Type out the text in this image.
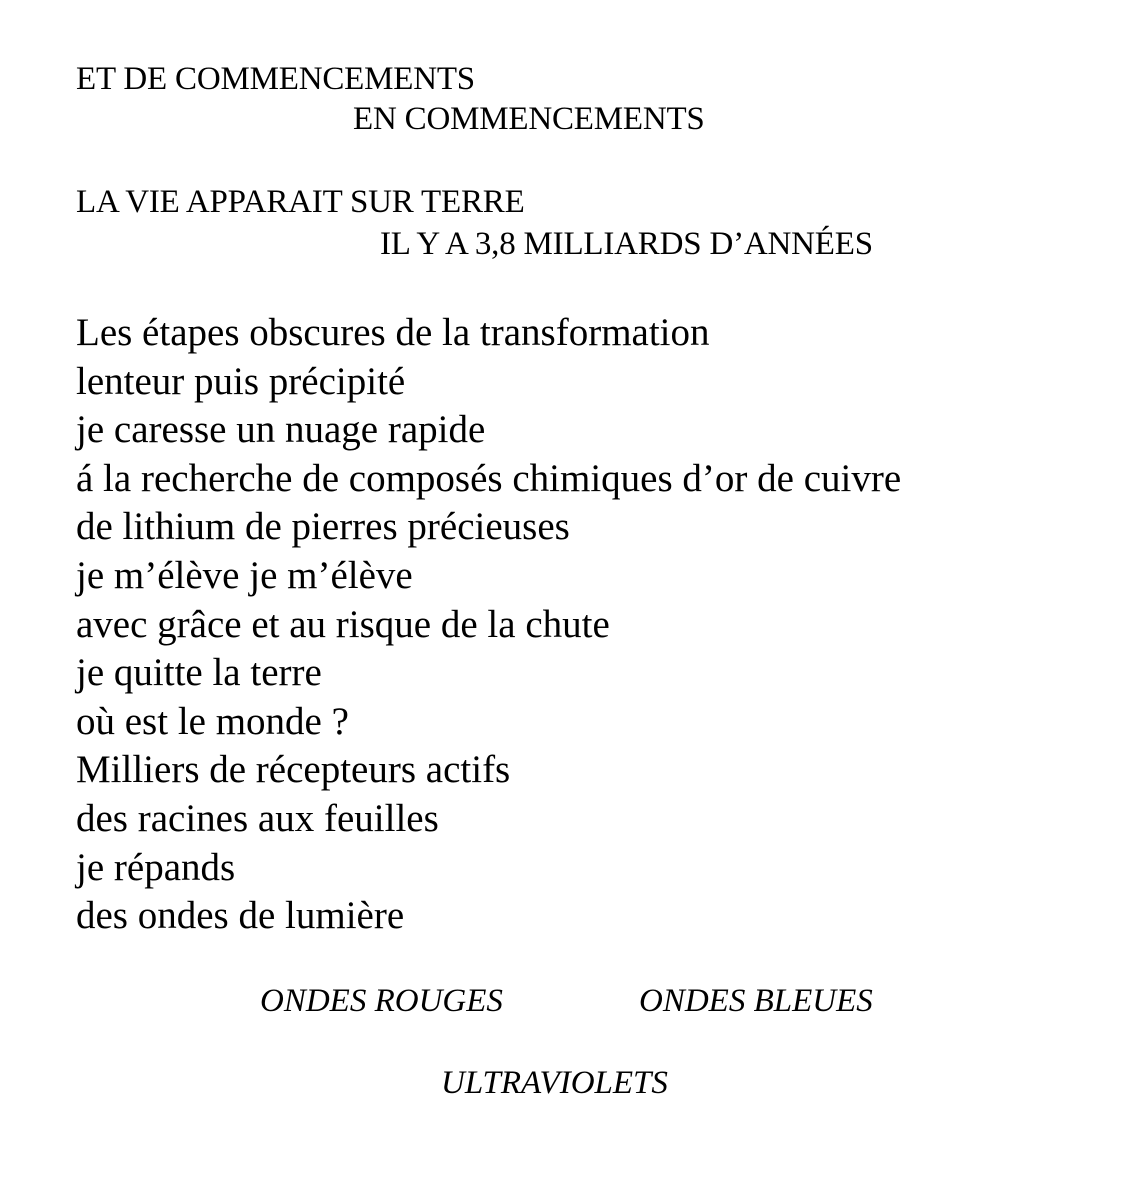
ET DE COMMENCEMENTS
EN COMMENCEMENTS
LA VIE APPARAIT SUR TERRE
IL Y A 3,8 MILLIARDS D’ANNÉES
Les étapes obscures de la transformation
lenteur puis précipité
je caresse un nuage rapide
á la recherche de composés chimiques d’or de cuivre
de lithium de pierres précieuses
je m’élève je m’élève
avec grâce et au risque de la chute
je quitte la terre
où est le monde ?
Milliers de récepteurs actifs
des racines aux feuilles
je répands
des ondes de lumière
ONDES ROUGES	ONDES BLEUES
ULTRAVIOLETS
